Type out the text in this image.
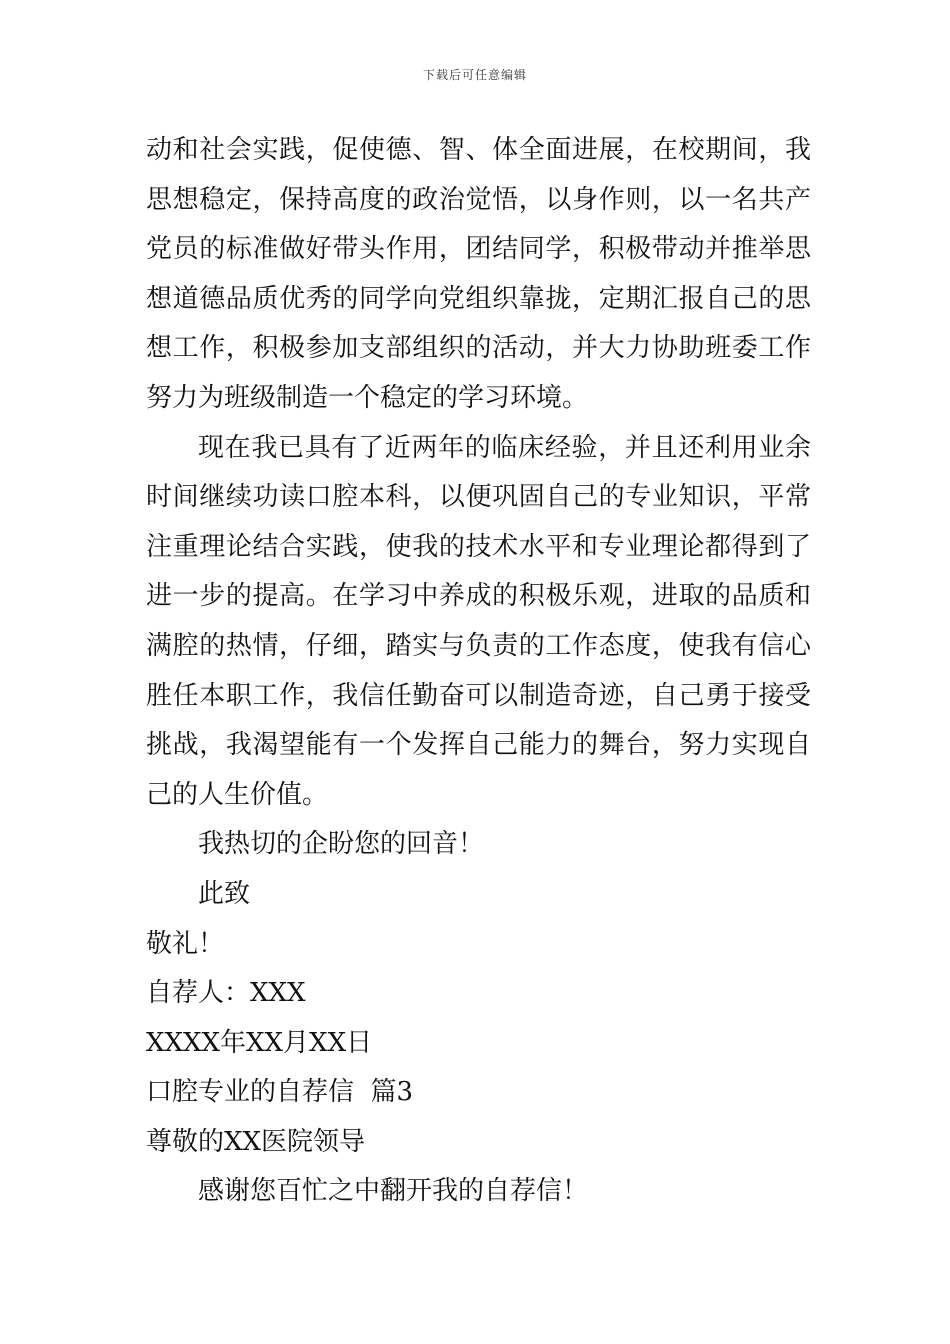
下载后可任意编辑
动和社会实践，促使德、智、体全面进展，在校期间，我
思想稳定，保持高度的政治觉悟，以身作则，以一名共产
党员的标准做好带头作用，团结同学，积极带动并推举思
想道德品质优秀的同学向党组织靠拢，定期汇报自己的思
想工作，积极参加支部组织的活动，并大力协助班委工作
努力为班级制造一个稳定的学习环境。
现在我已具有了近两年的临床经验，并且还利用业余
时间继续功读口腔本科，以便巩固自己的专业知识，平常
注重理论结合实践，使我的技术水平和专业理论都得到了
进一步的提高。在学习中养成的积极乐观，进取的品质和
满腔的热情，仔细，踏实与负责的工作态度，使我有信心
胜任本职工作，我信任勤奋可以制造奇迹，自己勇于接受
挑战，我渴望能有一个发挥自己能力的舞台，努力实现自
己的人生价值。
我热切的企盼您的回音！
此致
敬礼！
自荐人：XXX
XXXX年XX月XX日
口腔专业的自荐信  篇3
尊敬的XX医院领导
感谢您百忙之中翻开我的自荐信！
